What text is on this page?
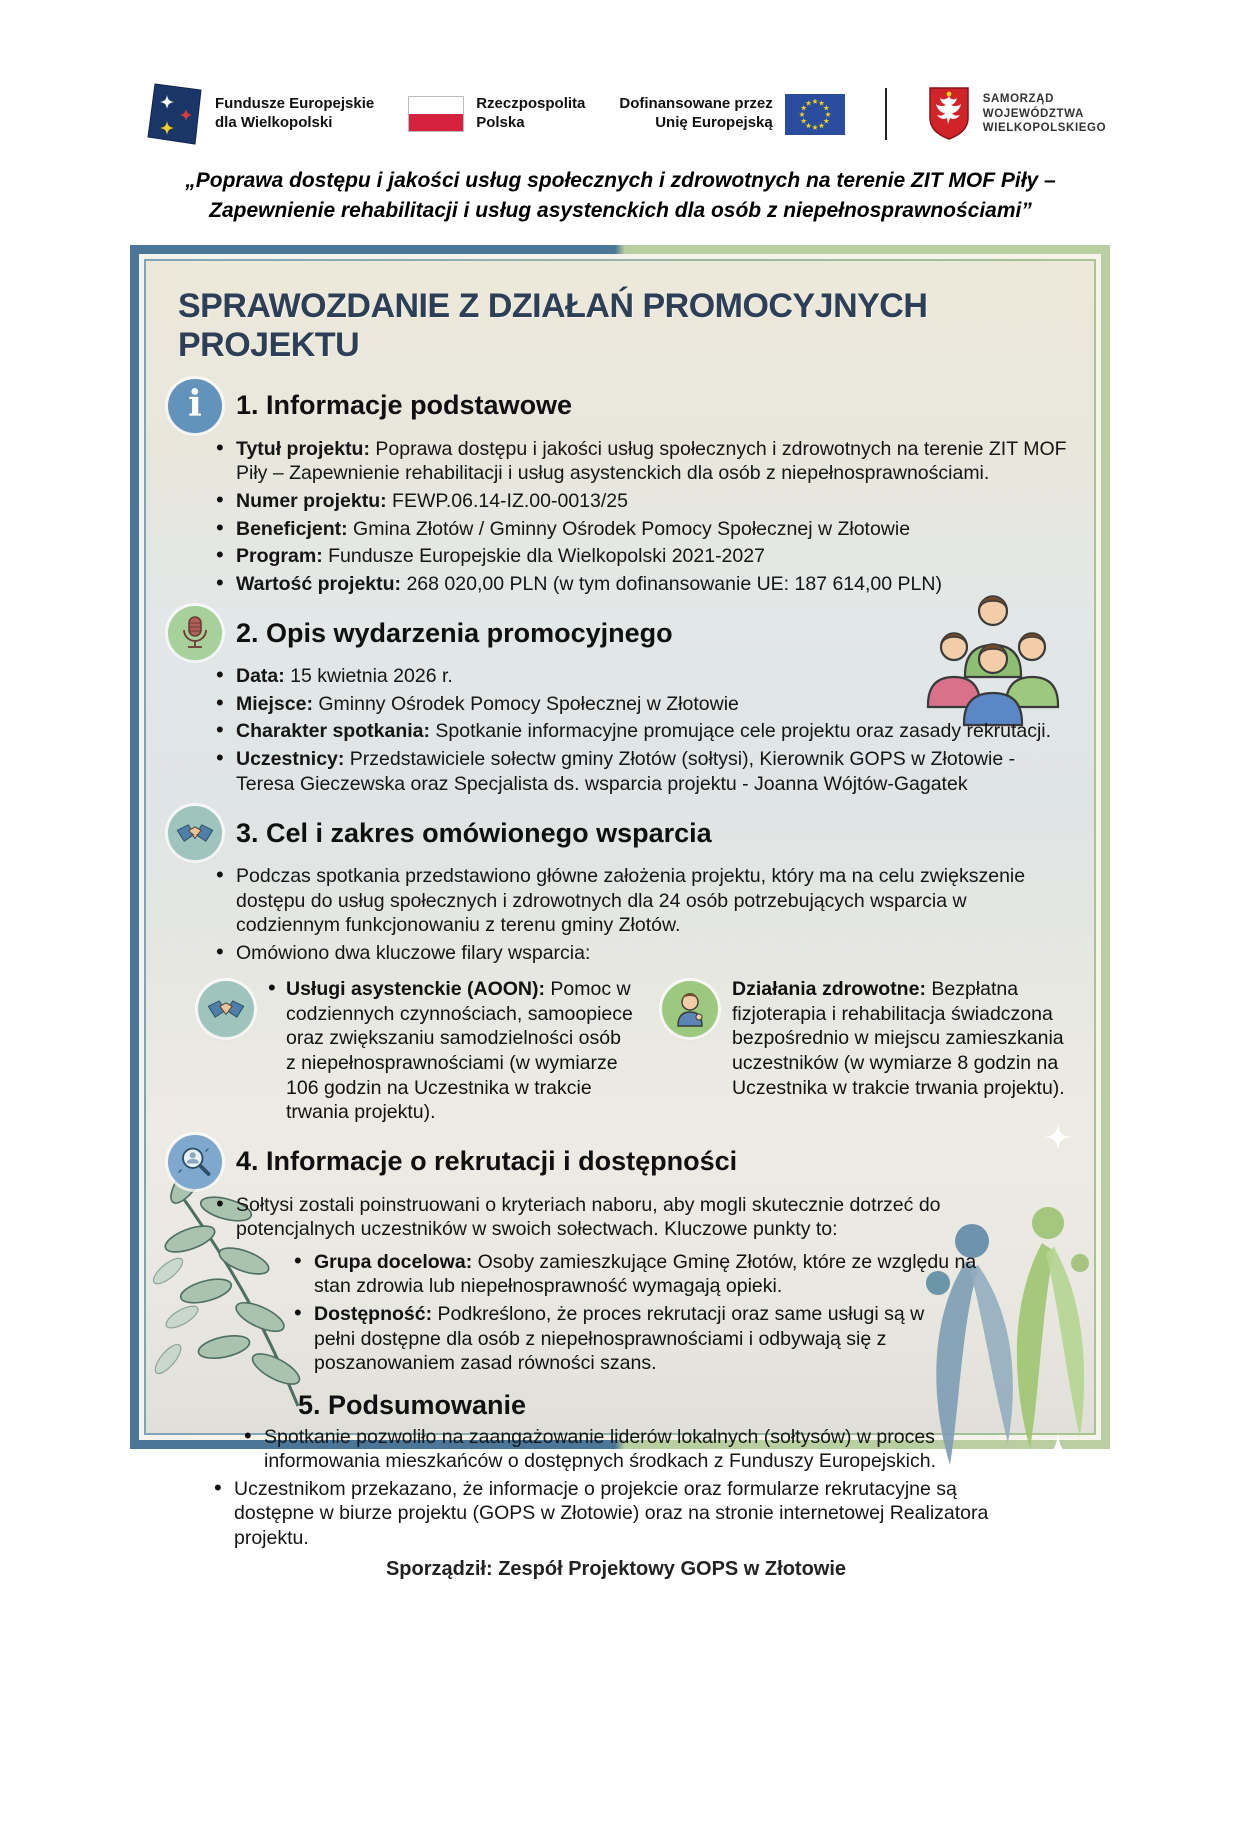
Fundusze Europejskie
dla Wielkopolski
Rzeczpospolita
Polska
Dofinansowane przez
Unię Europejską
SAMORZĄD
WOJEWÓDZTWA
WIELKOPOLSKIEGO
„Poprawa dostępu i jakości usług społecznych i zdrowotnych na terenie ZIT MOF Piły –
Zapewnienie rehabilitacji i usług asystenckich dla osób z niepełnosprawnościami”
SPRAWOZDANIE Z DZIAŁAŃ PROMOCYJNYCH PROJEKTU
i 1. Informacje podstawowe
• Tytuł projektu: Poprawa dostępu i jakości usług społecznych i zdrowotnych na terenie ZIT MOF Piły – Zapewnienie rehabilitacji i usług asystenckich dla osób z niepełnosprawnościami.
• Numer projektu: FEWP.06.14-IZ.00-0013/25
• Beneficjent: Gmina Złotów / Gminny Ośrodek Pomocy Społecznej w Złotowie
• Program: Fundusze Europejskie dla Wielkopolski 2021-2027
• Wartość projektu: 268 020,00 PLN (w tym dofinansowanie UE: 187 614,00 PLN)
2. Opis wydarzenia promocyjnego
• Data: 15 kwietnia 2026 r.
• Miejsce: Gminny Ośrodek Pomocy Społecznej w Złotowie
• Charakter spotkania: Spotkanie informacyjne promujące cele projektu oraz zasady rekrutacji.
• Uczestnicy: Przedstawiciele sołectw gminy Złotów (sołtysi), Kierownik GOPS w Złotowie -Teresa Gieczewska oraz Specjalista ds. wsparcia projektu - Joanna Wójtów-Gagatek
3. Cel i zakres omówionego wsparcia
• Podczas spotkania przedstawiono główne założenia projektu, który ma na celu zwiększenie dostępu do usług społecznych i zdrowotnych dla 24 osób potrzebujących wsparcia w codziennym funkcjonowaniu z terenu gminy Złotów.
• Omówiono dwa kluczowe filary wsparcia:
• Usługi asystenckie (AOON): Pomoc w codziennych czynnościach, samoopiece oraz zwiększaniu samodzielności osób z niepełnosprawnościami (w wymiarze 106 godzin na Uczestnika w trakcie trwania projektu).
Działania zdrowotne: Bezpłatna fizjoterapia i rehabilitacja świadczona bezpośrednio w miejscu zamieszkania uczestników (w wymiarze 8 godzin na Uczestnika w trakcie trwania projektu).
4. Informacje o rekrutacji i dostępności
• Sołtysi zostali poinstruowani o kryteriach naboru, aby mogli skutecznie dotrzeć do potencjalnych uczestników w swoich sołectwach. Kluczowe punkty to:
• Grupa docelowa: Osoby zamieszkujące Gminę Złotów, które ze względu na stan zdrowia lub niepełnosprawność wymagają opieki.
• Dostępność: Podkreślono, że proces rekrutacji oraz same usługi są w pełni dostępne dla osób z niepełnosprawnościami i odbywają się z poszanowaniem zasad równości szans.
5. Podsumowanie
• Spotkanie pozwoliło na zaangażowanie liderów lokalnych (sołtysów) w proces informowania mieszkańców o dostępnych środkach z Funduszy Europejskich.
• Uczestnikom przekazano, że informacje o projekcie oraz formularze rekrutacyjne są dostępne w biurze projektu (GOPS w Złotowie) oraz na stronie internetowej Realizatora projektu.
Sporządził: Zespół Projektowy GOPS w Złotowie
